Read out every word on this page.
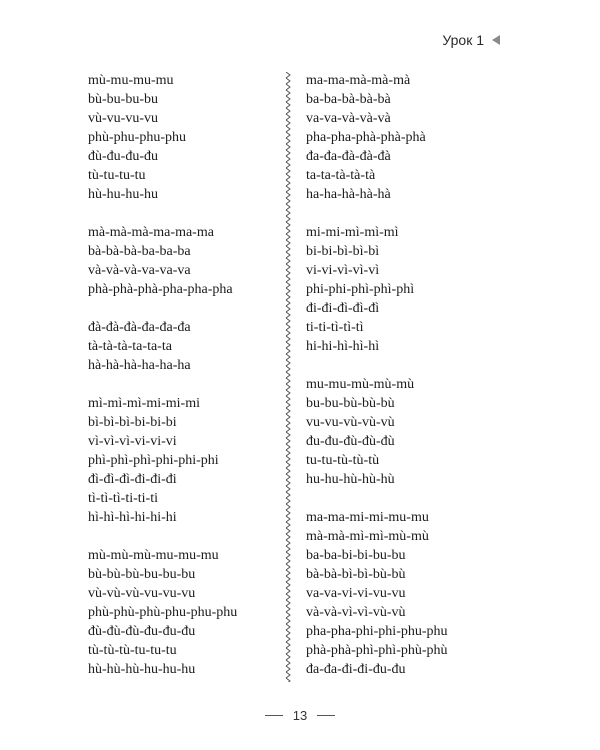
Урок 1
mù-mu-mu-mu
bù-bu-bu-bu
vù-vu-vu-vu
phù-phu-phu-phu
đù-đu-đu-đu
tù-tu-tu-tu
hù-hu-hu-hu
mà-mà-mà-ma-ma-ma
bà-bà-bà-ba-ba-ba
và-và-và-va-va-va
phà-phà-phà-pha-pha-pha
đà-đà-đà-đa-đa-đa
tà-tà-tà-ta-ta-ta
hà-hà-hà-ha-ha-ha
mì-mì-mì-mi-mi-mi
bì-bì-bì-bi-bi-bi
vì-vì-vì-vi-vi-vi
phì-phì-phì-phi-phi-phi
đì-đì-đì-đi-đi-đi
tì-tì-tì-ti-ti-ti
hì-hì-hì-hi-hi-hi
mù-mù-mù-mu-mu-mu
bù-bù-bù-bu-bu-bu
vù-vù-vù-vu-vu-vu
phù-phù-phù-phu-phu-phu
đù-đù-đù-đu-đu-đu
tù-tù-tù-tu-tu-tu
hù-hù-hù-hu-hu-hu
ma-ma-mà-mà-mà
ba-ba-bà-bà-bà
va-va-và-và-và
pha-pha-phà-phà-phà
đa-đa-đà-đà-đà
ta-ta-tà-tà-tà
ha-ha-hà-hà-hà
mi-mi-mì-mì-mì
bi-bi-bì-bì-bì
vi-vi-vì-vì-vì
phi-phi-phì-phì-phì
đi-đi-đì-đì-đì
ti-ti-tì-tì-tì
hi-hi-hì-hì-hì
mu-mu-mù-mù-mù
bu-bu-bù-bù-bù
vu-vu-vù-vù-vù
đu-đu-đù-đù-đù
tu-tu-tù-tù-tù
hu-hu-hù-hù-hù
ma-ma-mi-mi-mu-mu
mà-mà-mì-mì-mù-mù
ba-ba-bi-bi-bu-bu
bà-bà-bì-bì-bù-bù
va-va-vi-vi-vu-vu
và-và-vì-vì-vù-vù
pha-pha-phi-phi-phu-phu
phà-phà-phì-phì-phù-phù
đa-đa-đi-đi-đu-đu
13
